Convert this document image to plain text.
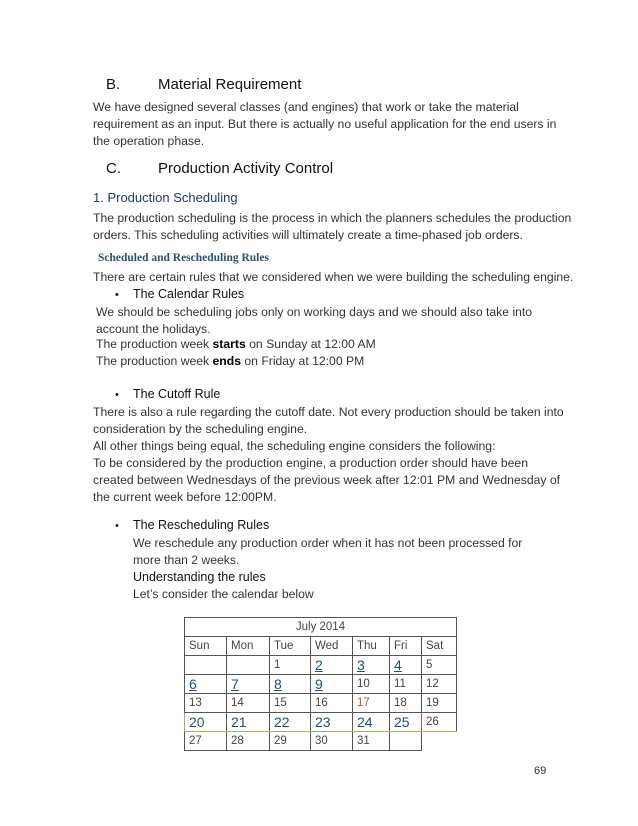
B.	Material Requirement
We have designed several classes (and engines) that work or take the material requirement as an input. But there is actually no useful application for the end users in the operation phase.
C. Production Activity Control
1. Production Scheduling
The production scheduling is the process in which the planners schedules the production orders. This scheduling activities will ultimately create a time-phased job orders.
Scheduled and Rescheduling Rules
There are certain rules that we considered when we were building the scheduling engine.
• The Calendar Rules
We should be scheduling jobs only on working days and we should also take into account the holidays.
The production week starts on Sunday at 12:00 AM
The production week ends on Friday at 12:00 PM
• The Cutoff Rule
There is also a rule regarding the cutoff date. Not every production should be taken into consideration by the scheduling engine.
All other things being equal, the scheduling engine considers the following:
To be considered by the production engine, a production order should have been created between Wednesdays of the previous week after 12:01 PM and Wednesday of the current week before 12:00PM.
• The Rescheduling Rules
We reschedule any production order when it has not been processed for more than 2 weeks.
Understanding the rules
Let’s consider the calendar below
July 2014						
Sun	Mon	Tue	Wed	Thu	Fri	Sat
		1	2	3	4	5
6	7	8	9	10	11	12
13	14	15	16	17	18	19
20	21	22	23	24	25	26
27	28	29	30	31		
69
